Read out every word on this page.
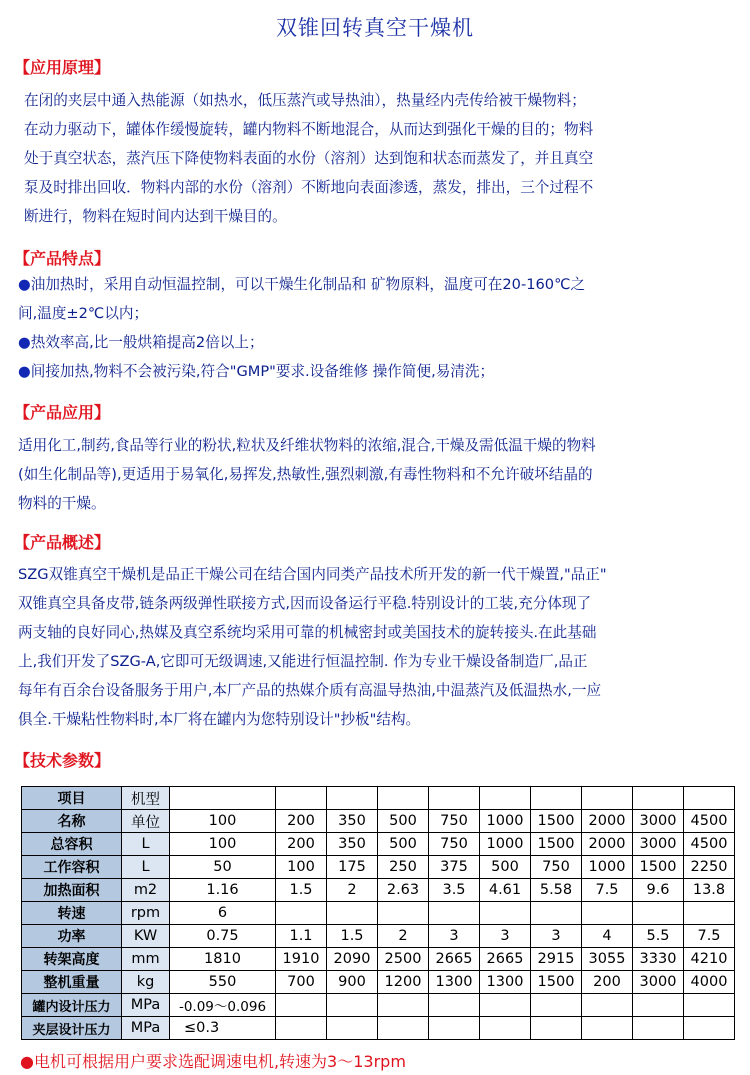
双锥回转真空干燥机
【应用原理】
在闭的夹层中通入热能源（如热水，低压蒸汽或导热油），热量经内壳传给被干燥物料；
在动力驱动下，罐体作缓慢旋转，罐内物料不断地混合，从而达到强化干燥的目的；物料
处于真空状态，蒸汽压下降使物料表面的水份（溶剂）达到饱和状态而蒸发了，并且真空
泵及时排出回收．物料内部的水份（溶剂）不断地向表面渗透，蒸发，排出，三个过程不
断进行，物料在短时间内达到干燥目的。
【产品特点】
●油加热时，采用自动恒温控制，可以干燥生化制品和 矿物原料，温度可在20-160℃之
间,温度±2℃以内；
●热效率高,比一般烘箱提高2倍以上；
●间接加热,物料不会被污染,符合"GMP"要求.设备维修 操作简便,易清洗；
【产品应用】
适用化工,制药,食品等行业的粉状,粒状及纤维状物料的浓缩,混合,干燥及需低温干燥的物料
(如生化制品等),更适用于易氧化,易挥发,热敏性,强烈刺激,有毒性物料和不允许破坏结晶的
物料的干燥。
【产品概述】
SZG双锥真空干燥机是品正干燥公司在结合国内同类产品技术所开发的新一代干燥置,"品正"
双锥真空具备皮带,链条两级弹性联接方式,因而设备运行平稳.特别设计的工装,充分体现了
两支轴的良好同心,热媒及真空系统均采用可靠的机械密封或美国技术的旋转接头.在此基础
上,我们开发了SZG-A,它即可无级调速,又能进行恒温控制. 作为专业干燥设备制造厂,品正
每年有百余台设备服务于用户,本厂产品的热媒介质有高温导热油,中温蒸汽及低温热水,一应
俱全.干燥粘性物料时,本厂将在罐内为您特别设计"抄板"结构。
【技术参数】
项目	机型										
名称	单位	100	200	350	500	750	1000	1500	2000	3000	4500
总容积	L	100	200	350	500	750	1000	1500	2000	3000	4500
工作容积	L	50	100	175	250	375	500	750	1000	1500	2250
加热面积	m2	1.16	1.5	2	2.63	3.5	4.61	5.58	7.5	9.6	13.8
转速	rpm	6									
功率	KW	0.75	1.1	1.5	2	3	3	3	4	5.5	7.5
转架高度	mm	1810	1910	2090	2500	2665	2665	2915	3055	3330	4210
整机重量	kg	550	700	900	1200	1300	1300	1500	200	3000	4000
罐内设计压力	MPa	-0.09～0.096									
夹层设计压力	MPa	≤0.3									
●电机可根据用户要求选配调速电机,转速为3～13rpm
